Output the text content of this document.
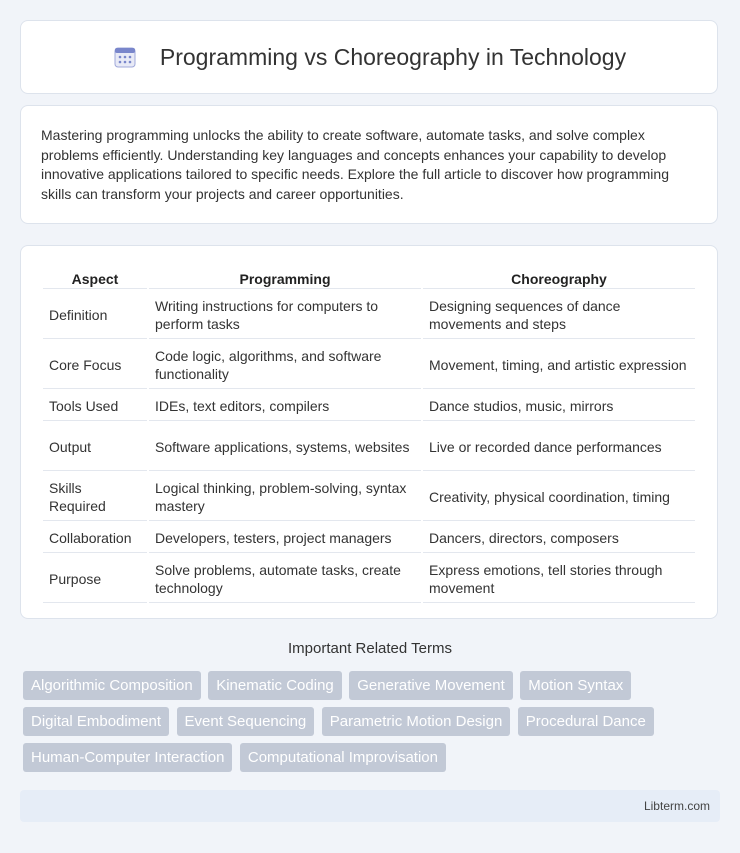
Programming vs Choreography in Technology

Mastering programming unlocks the ability to create software, automate tasks, and solve complex problems efficiently. Understanding key languages and concepts enhances your capability to develop innovative applications tailored to specific needs. Explore the full article to discover how programming skills can transform your projects and career opportunities.

Aspect	Programming	Choreography
Definition	Writing instructions for computers to perform tasks	Designing sequences of dance movements and steps
Core Focus	Code logic, algorithms, and software functionality	Movement, timing, and artistic expression
Tools Used	IDEs, text editors, compilers	Dance studios, music, mirrors
Output	Software applications, systems, websites	Live or recorded dance performances
Skills Required	Logical thinking, problem-solving, syntax mastery	Creativity, physical coordination, timing
Collaboration	Developers, testers, project managers	Dancers, directors, composers
Purpose	Solve problems, automate tasks, create technology	Express emotions, tell stories through movement
Important Related Terms
Algorithmic Composition Kinematic Coding Generative Movement Motion Syntax
Digital Embodiment Event Sequencing Parametric Motion Design Procedural Dance
Human-Computer Interaction Computational Improvisation
Libterm.com
